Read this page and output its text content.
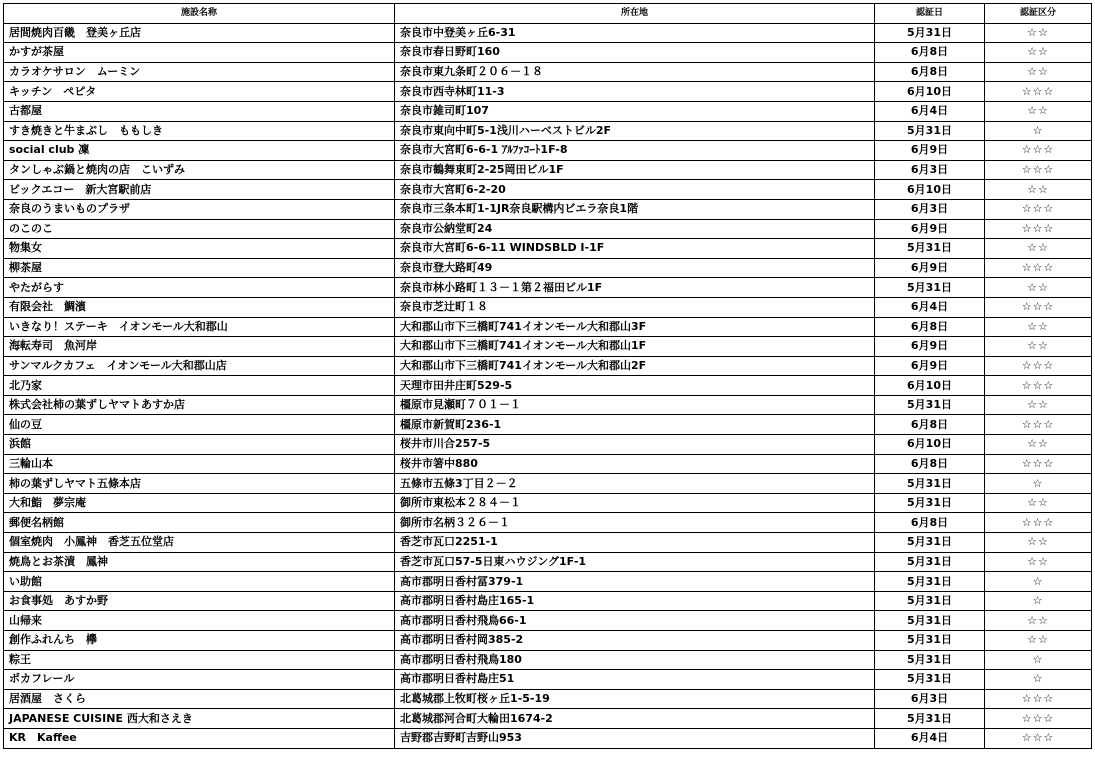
施設名称	所在地	認証日	認証区分
居間焼肉百畿　登美ヶ丘店	奈良市中登美ヶ丘6-31	5月31日	☆☆
かすが茶屋	奈良市春日野町160	6月8日	☆☆
カラオケサロン　ムーミン	奈良市東九条町２０６－１８	6月8日	☆☆
キッチン　ペピタ	奈良市西寺林町11-3	6月10日	☆☆☆
古都屋	奈良市雑司町107	6月4日	☆☆
すき焼きと牛まぶし　ももしき	奈良市東向中町5-1浅川ハーベストビル2F	5月31日	☆
social club 凜	奈良市大宮町6-6-1 ｱﾙﾌｧｺｰﾄ1F-8	6月9日	☆☆☆
タンしゃぶ鍋と焼肉の店　こいずみ	奈良市鶴舞東町2-25岡田ビル1F	6月3日	☆☆☆
ビックエコー　新大宮駅前店	奈良市大宮町6-2-20	6月10日	☆☆
奈良のうまいものプラザ	奈良市三条本町1-1JR奈良駅構内ビエラ奈良1階	6月3日	☆☆☆
のこのこ	奈良市公納堂町24	6月9日	☆☆☆
物集女	奈良市大宮町6-6-11 WINDSBLD Ⅰ-1F	5月31日	☆☆
柳茶屋	奈良市登大路町49	6月9日	☆☆☆
やたがらす	奈良市林小路町１３－１第２福田ビル1F	5月31日	☆☆
有限会社　鯛濱	奈良市芝辻町１８	6月4日	☆☆☆
いきなり！ステーキ　イオンモール大和郡山	大和郡山市下三橋町741イオンモール大和郡山3F	6月8日	☆☆
海転寿司　魚河岸	大和郡山市下三橋町741イオンモール大和郡山1F	6月9日	☆☆
サンマルクカフェ　イオンモール大和郡山店	大和郡山市下三橋町741イオンモール大和郡山2F	6月9日	☆☆☆
北乃家	天理市田井庄町529-5	6月10日	☆☆☆
株式会社柿の葉ずしヤマトあすか店	橿原市見瀬町７０１－１	5月31日	☆☆
仙の豆	橿原市新賀町236-1	6月8日	☆☆☆
浜館	桜井市川合257-5	6月10日	☆☆
三輪山本	桜井市箸中880	6月8日	☆☆☆
柿の葉ずしヤマト五條本店	五條市五條3丁目２－２	5月31日	☆
大和鮨　夢宗庵	御所市東松本２８４－１	5月31日	☆☆
郵便名柄館	御所市名柄３２６－１	6月8日	☆☆☆
個室焼肉　小鳳神　香芝五位堂店	香芝市瓦口2251-1	5月31日	☆☆
焼鳥とお茶漬　鳳神	香芝市瓦口57-5日東ハウジング1F-1	5月31日	☆☆
い助館	高市郡明日香村冨379-1	5月31日	☆
お食事処　あすか野	高市郡明日香村島庄165-1	5月31日	☆
山帰来	高市郡明日香村飛鳥66-1	5月31日	☆☆
創作ふれんち　欅	高市郡明日香村岡385-2	5月31日	☆☆
粽王	高市郡明日香村飛鳥180	5月31日	☆
ポカフレール	高市郡明日香村島庄51	5月31日	☆
居酒屋　さくら	北葛城郡上牧町桜ヶ丘1-5-19	6月3日	☆☆☆
JAPANESE CUISINE 西大和さえき	北葛城郡河合町大輪田1674-2	5月31日	☆☆☆
KR　Kaffee	吉野郡吉野町吉野山953	6月4日	☆☆☆
